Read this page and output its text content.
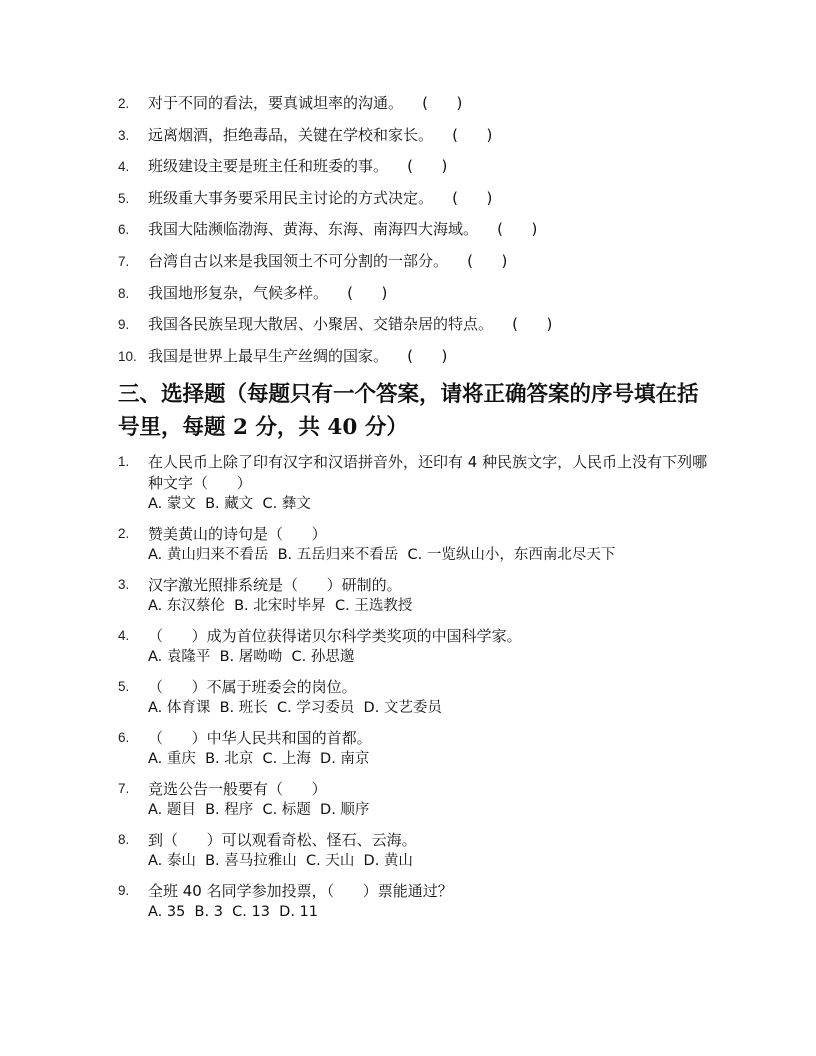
2.	对于不同的看法，要真诚坦率的沟通。    (      )
3.	远离烟酒，拒绝毒品，关键在学校和家长。    (      )
4.	班级建设主要是班主任和班委的事。    (      )
5.	班级重大事务要采用民主讨论的方式决定。    (      )
6.	我国大陆濒临渤海、黄海、东海、南海四大海域。    (      )
7.	台湾自古以来是我国领土不可分割的一部分。    (      )
8.	我国地形复杂，气候多样。    (      )
9.	我国各民族呈现大散居、小聚居、交错杂居的特点。    (      )
10. 我国是世界上最早生产丝绸的国家。    (      )
三、选择题（每题只有一个答案，请将正确答案的序号填在括号里，每题 2 分，共 40 分）
1.	在人民币上除了印有汉字和汉语拼音外，还印有 4 种民族文字，人民币上没有下列哪种文字（      ）
A. 蒙文  B. 藏文  C. 彝文
2.	赞美黄山的诗句是（      ）
A. 黄山归来不看岳  B. 五岳归来不看岳  C. 一览纵山小，东西南北尽天下
3.	汉字激光照排系统是（      ）研制的。
A. 东汉蔡伦  B. 北宋时毕昇  C. 王选教授
4.	（      ）成为首位获得诺贝尔科学类奖项的中国科学家。
A. 袁隆平  B. 屠呦呦  C. 孙思邈
5.	（      ）不属于班委会的岗位。
A. 体育课  B. 班长  C. 学习委员  D. 文艺委员
6.	（      ）中华人民共和国的首都。
A. 重庆  B. 北京  C. 上海  D. 南京
7.	竞选公告一般要有（      ）
A. 题目  B. 程序  C. 标题  D. 顺序
8.	到（      ）可以观看奇松、怪石、云海。
A. 泰山  B. 喜马拉雅山  C. 天山  D. 黄山
9.	全班 40 名同学参加投票，（      ）票能通过？
A. 35  B. 3  C. 13  D. 11
